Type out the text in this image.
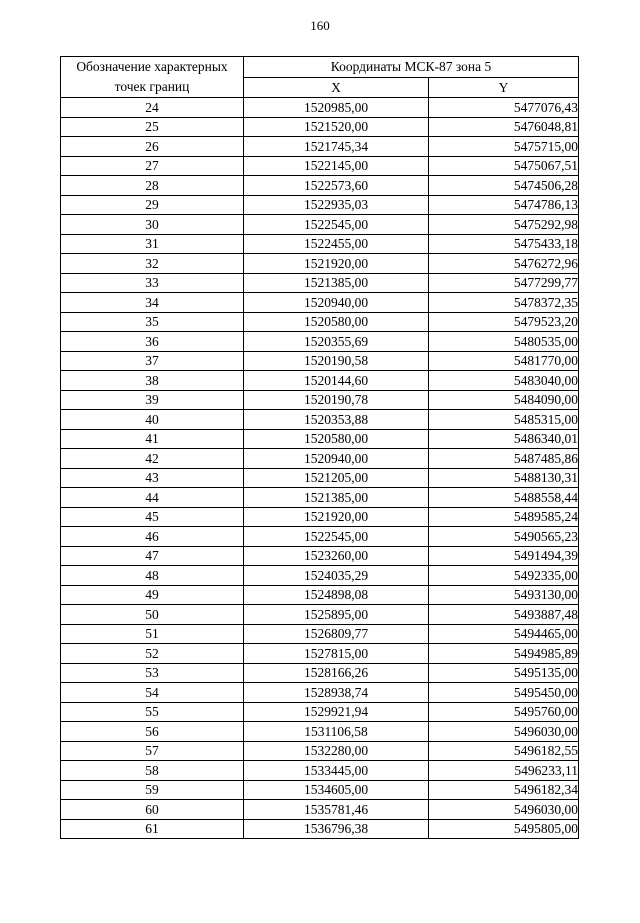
160
Обозначение характерных точек границ	Координаты МСК-87 зона 5	
	X	Y
24	1520985,00	5477076,43
25	1521520,00	5476048,81
26	1521745,34	5475715,00
27	1522145,00	5475067,51
28	1522573,60	5474506,28
29	1522935,03	5474786,13
30	1522545,00	5475292,98
31	1522455,00	5475433,18
32	1521920,00	5476272,96
33	1521385,00	5477299,77
34	1520940,00	5478372,35
35	1520580,00	5479523,20
36	1520355,69	5480535,00
37	1520190,58	5481770,00
38	1520144,60	5483040,00
39	1520190,78	5484090,00
40	1520353,88	5485315,00
41	1520580,00	5486340,01
42	1520940,00	5487485,86
43	1521205,00	5488130,31
44	1521385,00	5488558,44
45	1521920,00	5489585,24
46	1522545,00	5490565,23
47	1523260,00	5491494,39
48	1524035,29	5492335,00
49	1524898,08	5493130,00
50	1525895,00	5493887,48
51	1526809,77	5494465,00
52	1527815,00	5494985,89
53	1528166,26	5495135,00
54	1528938,74	5495450,00
55	1529921,94	5495760,00
56	1531106,58	5496030,00
57	1532280,00	5496182,55
58	1533445,00	5496233,11
59	1534605,00	5496182,34
60	1535781,46	5496030,00
61	1536796,38	5495805,00
